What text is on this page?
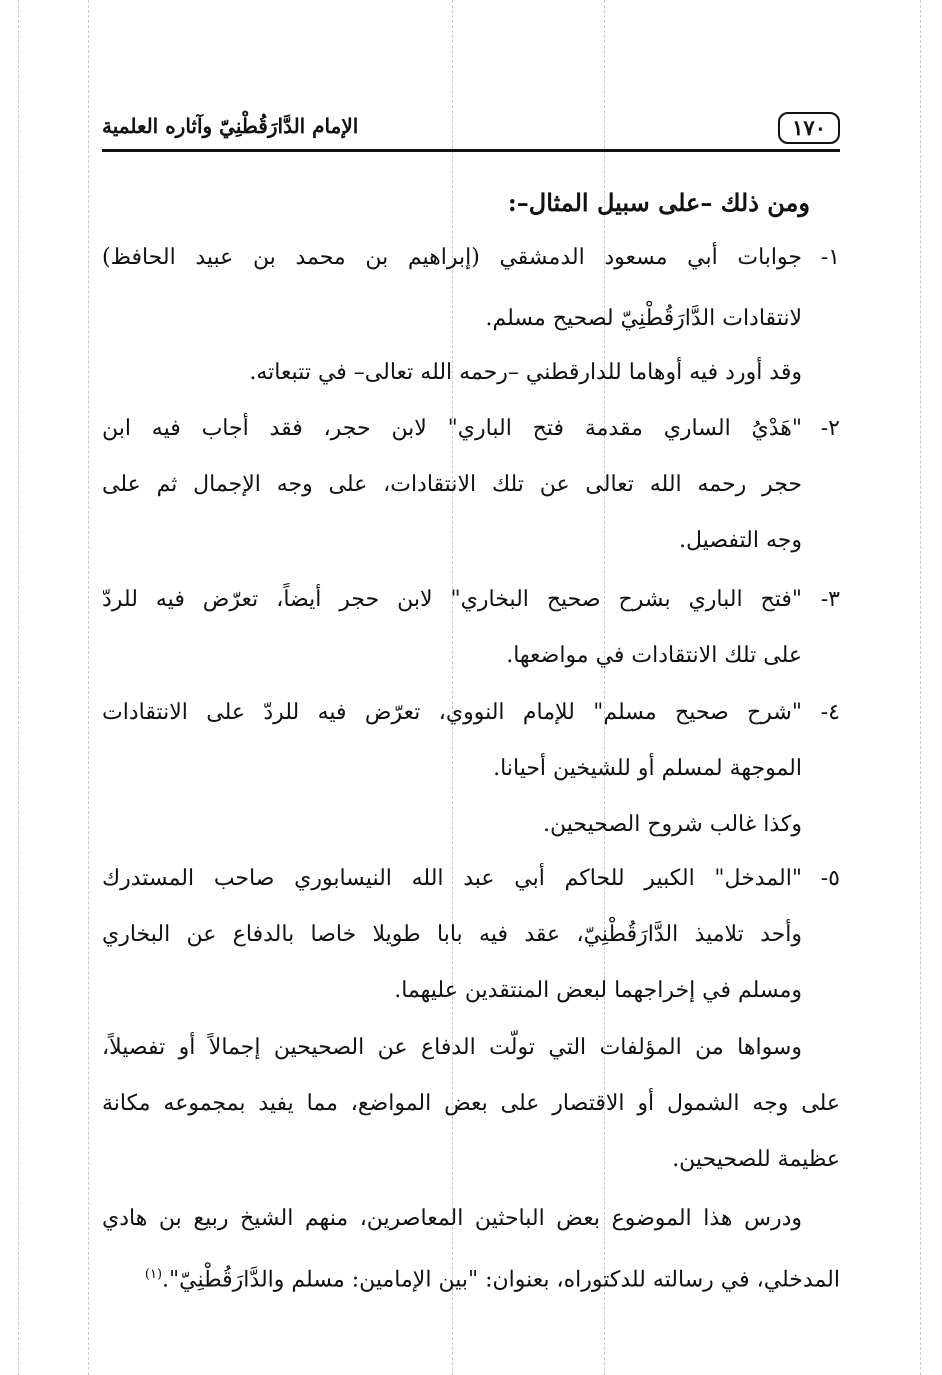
١٧٠
الإمام الدَّارَقُطْنِيّ وآثاره العلمية
ومن ذلك –على سبيل المثال–:
١-
جوابات أبي مسعود الدمشقي (إبراهيم بن محمد بن عبيد الحافظ)
لانتقادات الدَّارَقُطْنِيّ لصحيح مسلم.
وقد أورد فيه أوهاما للدارقطني –رحمه الله تعالى– في تتبعاته.
٢-
"هَدْيُ الساري مقدمة فتح الباري" لابن حجر، فقد أجاب فيه ابن
حجر رحمه الله تعالى عن تلك الانتقادات، على وجه الإجمال ثم على
وجه التفصيل.
٣-
"فتح الباري بشرح صحيح البخاري" لابن حجر أيضاً، تعرّض فيه للردّ
على تلك الانتقادات في مواضعها.
٤-
"شرح صحيح مسلم" للإمام النووي، تعرّض فيه للردّ على الانتقادات
الموجهة لمسلم أو للشيخين أحيانا.
وكذا غالب شروح الصحيحين.
٥-
"المدخل" الكبير للحاكم أبي عبد الله النيسابوري صاحب المستدرك
وأحد تلاميذ الدَّارَقُطْنِيّ، عقد فيه بابا طويلا خاصا بالدفاع عن البخاري
ومسلم في إخراجهما لبعض المنتقدين عليهما.
وسواها من المؤلفات التي تولّت الدفاع عن الصحيحين إجمالاً أو تفصيلاً،
على وجه الشمول أو الاقتصار على بعض المواضع، مما يفيد بمجموعه مكانة
عظيمة للصحيحين.
ودرس هذا الموضوع بعض الباحثين المعاصرين، منهم الشيخ ربيع بن هادي
المدخلي، في رسالته للدكتوراه، بعنوان: "بين الإمامين: مسلم والدَّارَقُطْنِيّ".$^{(١)}$
